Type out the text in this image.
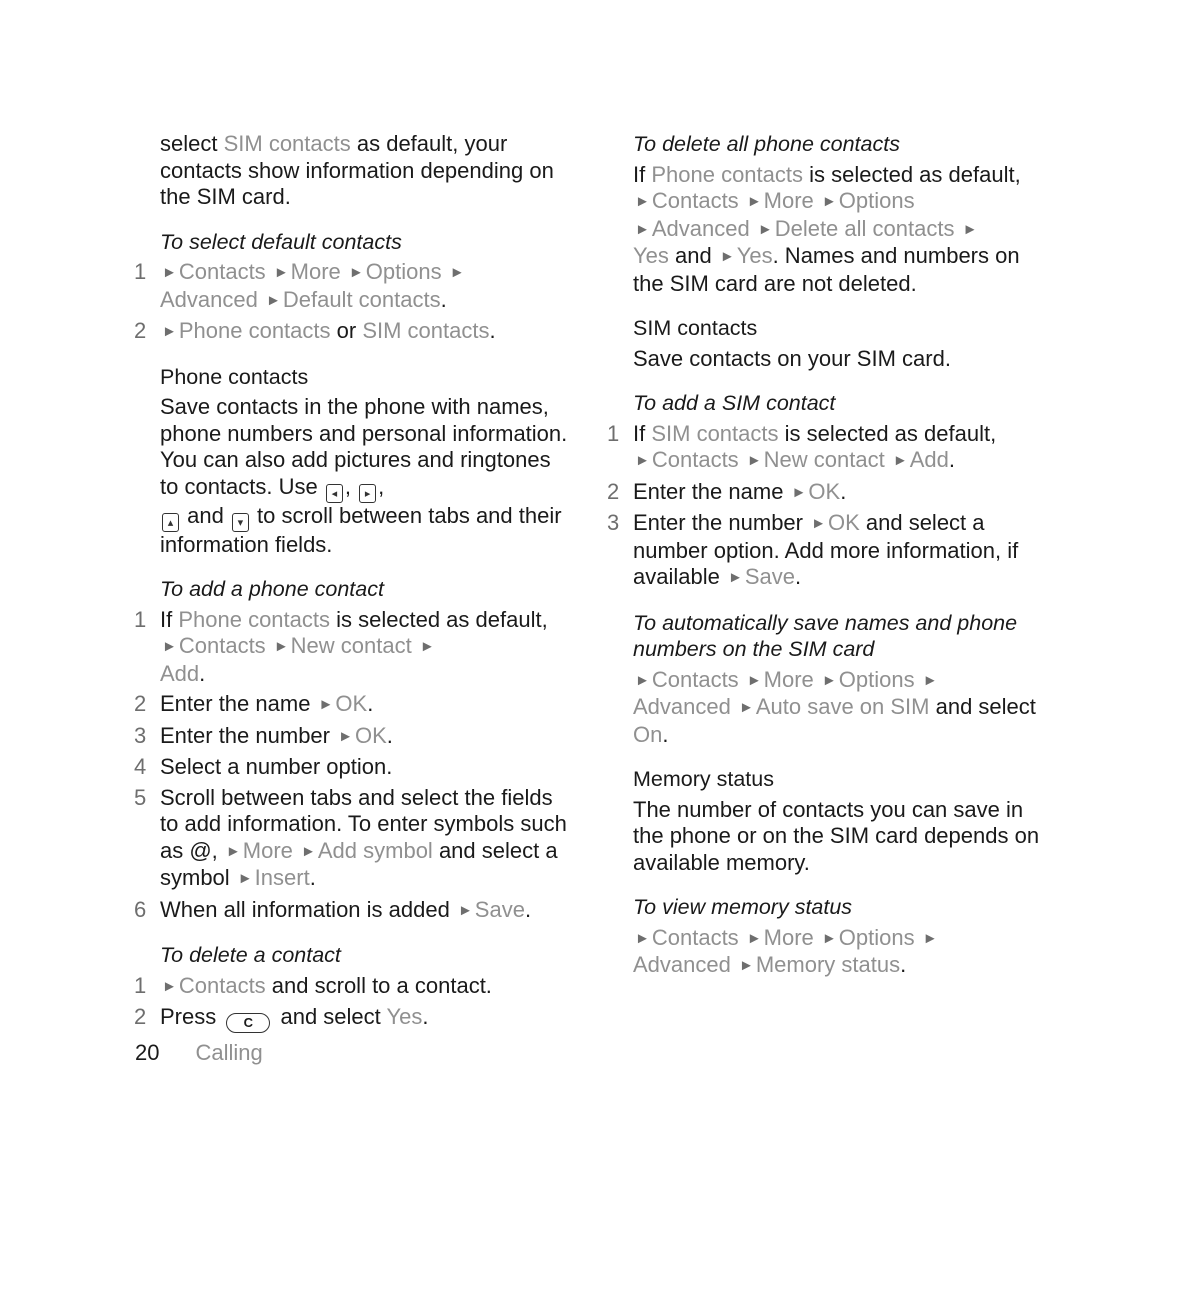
select SIM contacts as default, your contacts show information depending on the SIM card.

To select default contacts

1 ►Contacts ►More ►Options ►
Advanced ►Default contacts.
2 ►Phone contacts or SIM contacts.

Phone contacts

Save contacts in the phone with names, phone numbers and personal information. You can also add pictures and ringtones to contacts. Use ◂ , ▸ ,
▴ and ▾ to scroll between tabs and their information fields.

To add a phone contact

1 If Phone contacts is selected as default, ►Contacts ►New contact ►
Add.
2 Enter the name ►OK.
3 Enter the number ►OK.
4 Select a number option.
5 Scroll between tabs and select the fields to add information. To enter symbols such as @, ►More ►Add symbol and select a symbol ►Insert.
6 When all information is added ►Save.

To delete a contact

1 ►Contacts and scroll to a contact.
2 Press C and select Yes.

To delete all phone contacts

If Phone contacts is selected as default, ►Contacts ►More ►Options
►Advanced ►Delete all contacts ►
Yes and ►Yes. Names and numbers on the SIM card are not deleted.

SIM contacts

Save contacts on your SIM card.

To add a SIM contact

1 If SIM contacts is selected as default,
►Contacts ►New contact ►Add.
2 Enter the name ►OK.
3 Enter the number ►OK and select a number option. Add more information, if available ►Save.

To automatically save names and phone numbers on the SIM card

►Contacts ►More ►Options ►
Advanced ►Auto save on SIM and select On.

Memory status

The number of contacts you can save in the phone or on the SIM card depends on available memory.

To view memory status

►Contacts ►More ►Options ►
Advanced ►Memory status.

20 Calling
